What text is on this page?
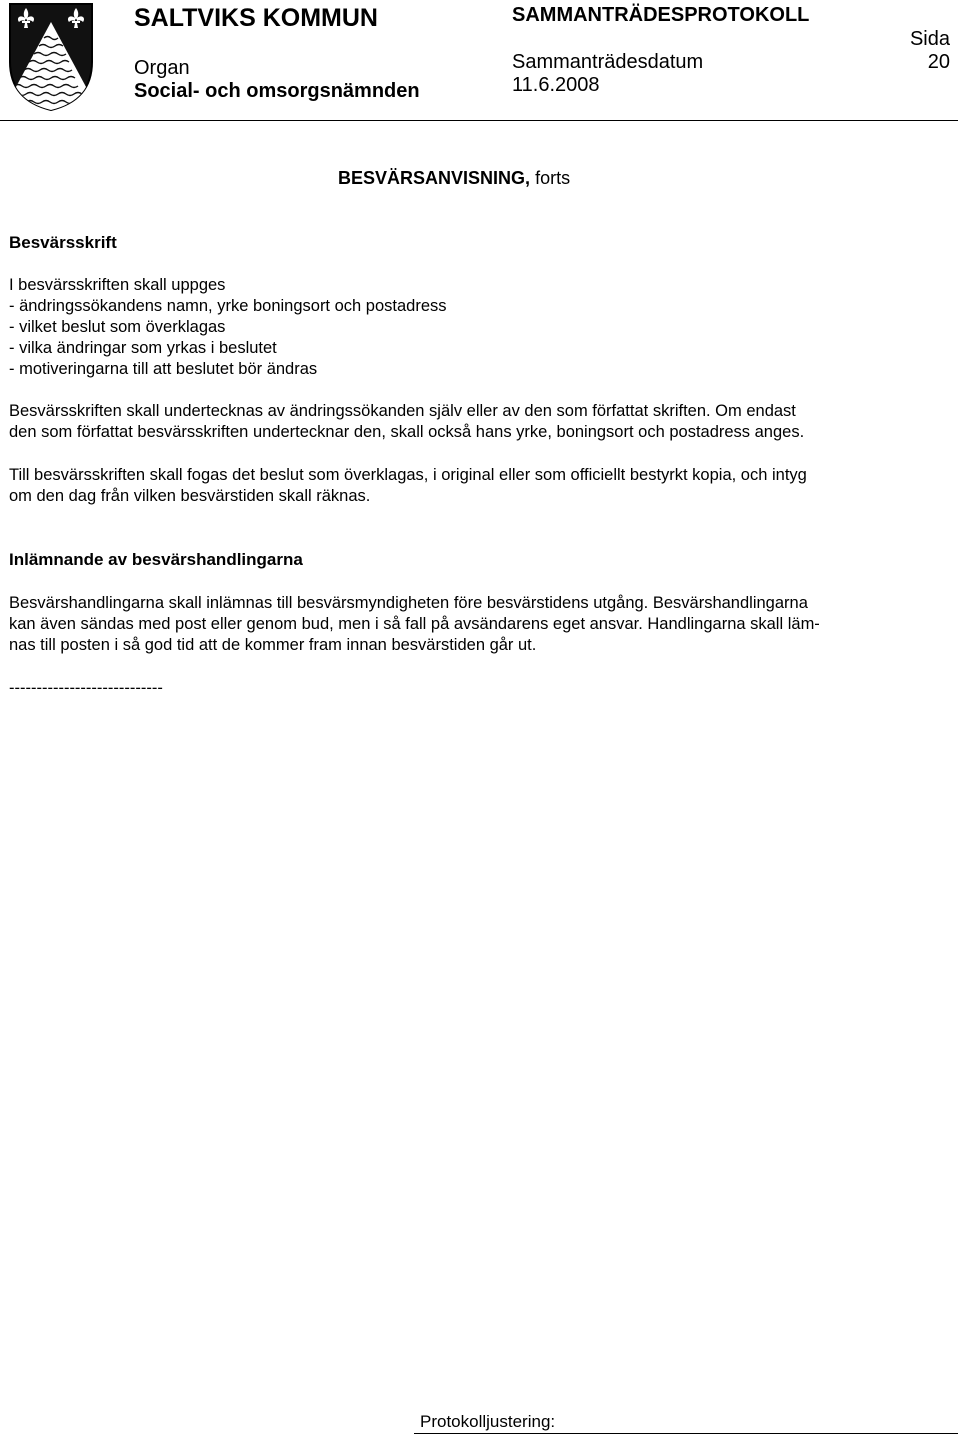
SALTVIKS KOMMUN
Organ
Social- och omsorgsnämnden
SAMMANTRÄDESPROTOKOLL
Sammanträdesdatum
11.6.2008
Sida
20
BESVÄRSANVISNING, forts
Besvärsskrift
I besvärsskriften skall uppges
- ändringssökandens namn, yrke boningsort och postadress
- vilket beslut som överklagas
- vilka ändringar som yrkas i beslutet
- motiveringarna till att beslutet bör ändras
Besvärsskriften skall undertecknas av ändringssökanden själv eller av den som författat skriften. Om endast
den som författat besvärsskriften undertecknar den, skall också hans yrke, boningsort och postadress anges.
Till besvärsskriften skall fogas det beslut som överklagas, i original eller som officiellt bestyrkt kopia, och intyg
om den dag från vilken besvärstiden skall räknas.
Inlämnande av besvärshandlingarna
Besvärshandlingarna skall inlämnas till besvärsmyndigheten före besvärstidens utgång. Besvärshandlingarna
kan även sändas med post eller genom bud, men i så fall på avsändarens eget ansvar. Handlingarna skall läm-
nas till posten i så god tid att de kommer fram innan besvärstiden går ut.
----------------------------
Protokolljustering:
